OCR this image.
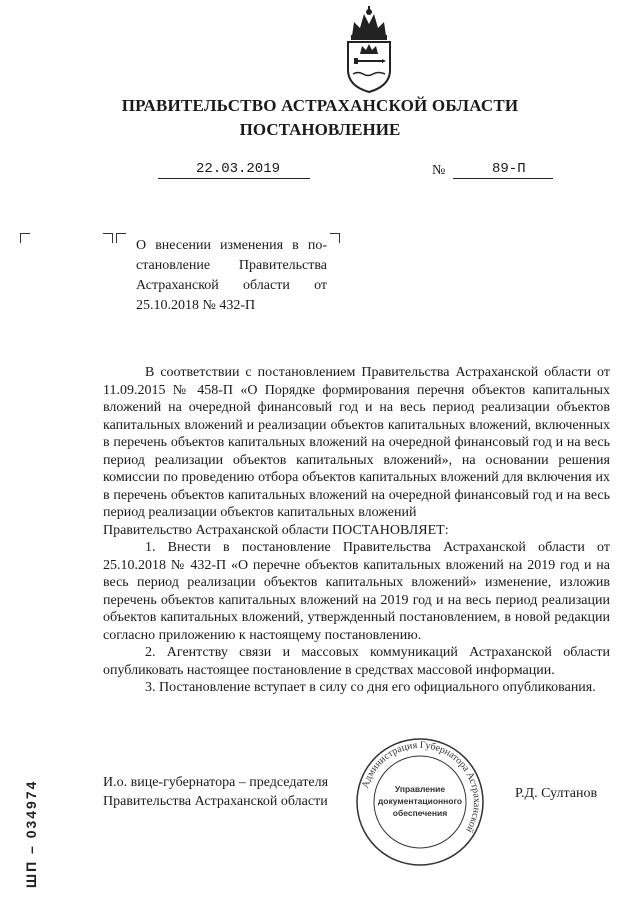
ПРАВИТЕЛЬСТВО АСТРАХАНСКОЙ ОБЛАСТИ
ПОСТАНОВЛЕНИЕ
22.03.2019	№	89-П
О внесении изменения в по-
становление Правительства
Астраханской области от
25.10.2018 № 432-П

В соответствии с постановлением Правительства Астраханской области от 11.09.2015 № 458-П «О Порядке формирования перечня объектов капитальных вложений на очередной финансовый год и на весь период реализации объектов капитальных вложений и реализации объектов капитальных вложений, включенных в перечень объектов капитальных вложений на очередной финансовый год и на весь период реализации объектов капитальных вложений», на основании решения комиссии по проведению отбора объектов капитальных вложений для включения их в перечень объектов капитальных вложений на очередной финансовый год и на весь период реализации объектов капитальных вложений

Правительство Астраханской области ПОСТАНОВЛЯЕТ:

1. Внести в постановление Правительства Астраханской области от 25.10.2018 № 432-П «О перечне объектов капитальных вложений на 2019 год и на весь период реализации объектов капитальных вложений» изменение, изложив перечень объектов капитальных вложений на 2019 год и на весь период реализации объектов капитальных вложений, утвержденный постановлением, в новой редакции согласно приложению к настоящему постановлению.

2. Агентству связи и массовых коммуникаций Астраханской области опубликовать настоящее постановление в средствах массовой информации.

3. Постановление вступает в силу со дня его официального опубликования.

И.о. вице-губернатора – председателя
Правительства Астраханской области
Р.Д. Султанов
Администрация Губернатора Астраханской
Управление
документационного
обеспечения
ШП – 034974
